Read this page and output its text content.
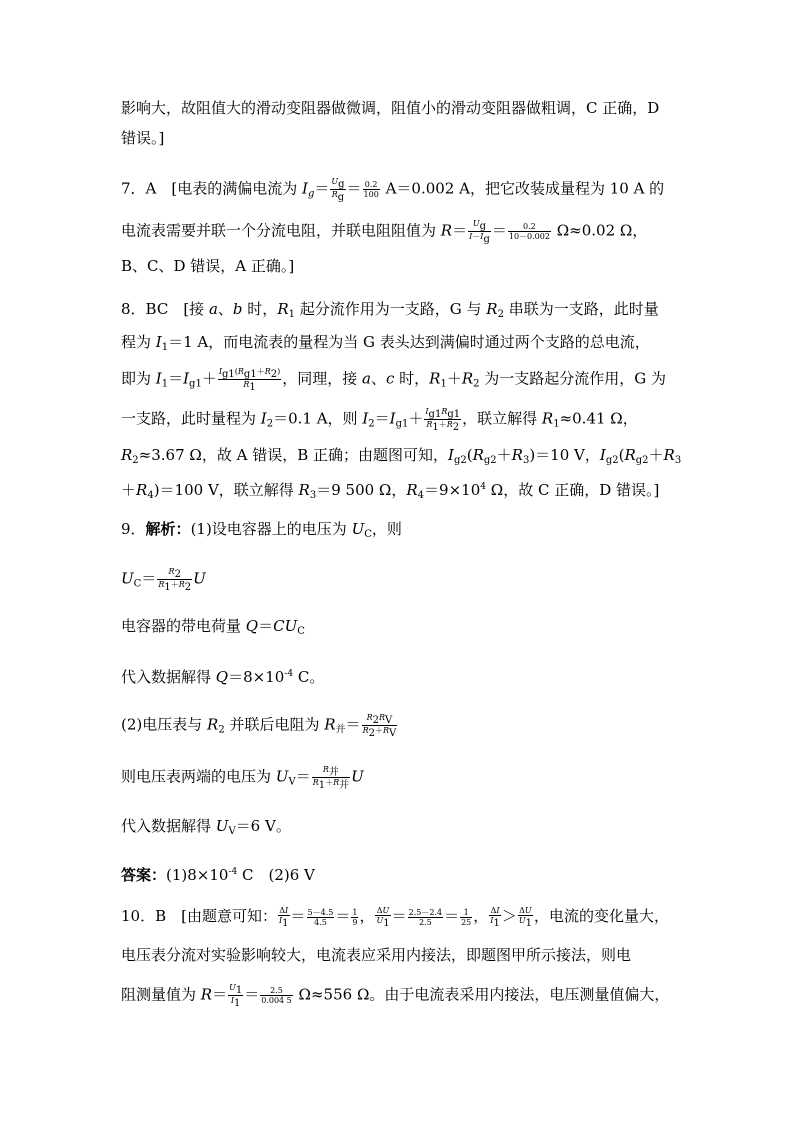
影响大，故阻值大的滑动变阻器做微调，阻值小的滑动变阻器做粗调，C 正确，D
错误。]
7．A　[电表的满偏电流为 $I_g= \frac{U_g}{R_g} = \frac{0.2}{100} A=0.002$ A，把它改装成量程为 10 A 的
电流表需要并联一个分流电阻，并联电阻阻值为 $R= \frac{U_g}{I-I_g} = \frac{0.2}{10-0.002} \Omega\approx 0.02$ Ω，
B、C、D 错误，A 正确。]
8．BC　[接 a、b 时，$R_1$ 起分流作用为一支路，G 与 $R_2$ 串联为一支路，此时量
程为 $I_1=1$ A，而电流表的量程为当 G 表头达到满偏时通过两个支路的总电流，
即为 $I_1=I_{g1}+ \frac{I_{g1}(R_{g1}+R_2)}{R_1}$ ，同理，接 a、c 时，$R_1+R_2$ 为一支路起分流作用，G 为
一支路，此时量程为 $I_2=0.1$ A，则 $I_2=I_{g1}+ \frac{I_{g1}R_{g1}}{R_1+R_2}$ ，联立解得 $R_1\approx 0.41$ Ω，
$R_2\approx 3.67$ Ω，故 A 错误，B 正确；由题图可知，$I_{g2}(R_{g2}+R_3)=10$ V，$I_{g2}(R_{g2}+R_3$
$+R_4)=100$ V，联立解得 $R_3=9$ 500 Ω，$R_4=9\times 10^4$ Ω，故 C 正确，D 错误。]
9．解析：(1)设电容器上的电压为 $U_C$，则
$U_C= \frac{R_2}{R_1+R_2}$ U
电容器的带电荷量 $Q=CU_C$
代入数据解得 $Q=8\times 10^{-4}$ C。
(2)电压表与 $R_2$ 并联后电阻为 $R_并= \frac{R_2R_V}{R_2+R_V}$
则电压表两端的电压为 $U_V= \frac{R_并}{R_1+R_并}$ U
代入数据解得 $U_V=6$ V。
答案：$(1)8\times 10^{-4}$ C　(2)6 V
10．B　[由题意可知： $\frac{\Delta I}{I_1} = \frac{5-4.5}{4.5} = \frac{1}{9}$ ， $\frac{\Delta U}{U_1} = \frac{2.5-2.4}{2.5} = \frac{1}{25}$ ， $\frac{\Delta I}{I_1} > \frac{\Delta U}{U_1}$ ，电流的变化量大，
电压表分流对实验影响较大，电流表应采用内接法，即题图甲所示接法，则电
阻测量值为 $R= \frac{U_1}{I_1} = \frac{2.5}{0.004 5} \Omega\approx 556$ Ω。由于电流表采用内接法，电压测量值偏大，
